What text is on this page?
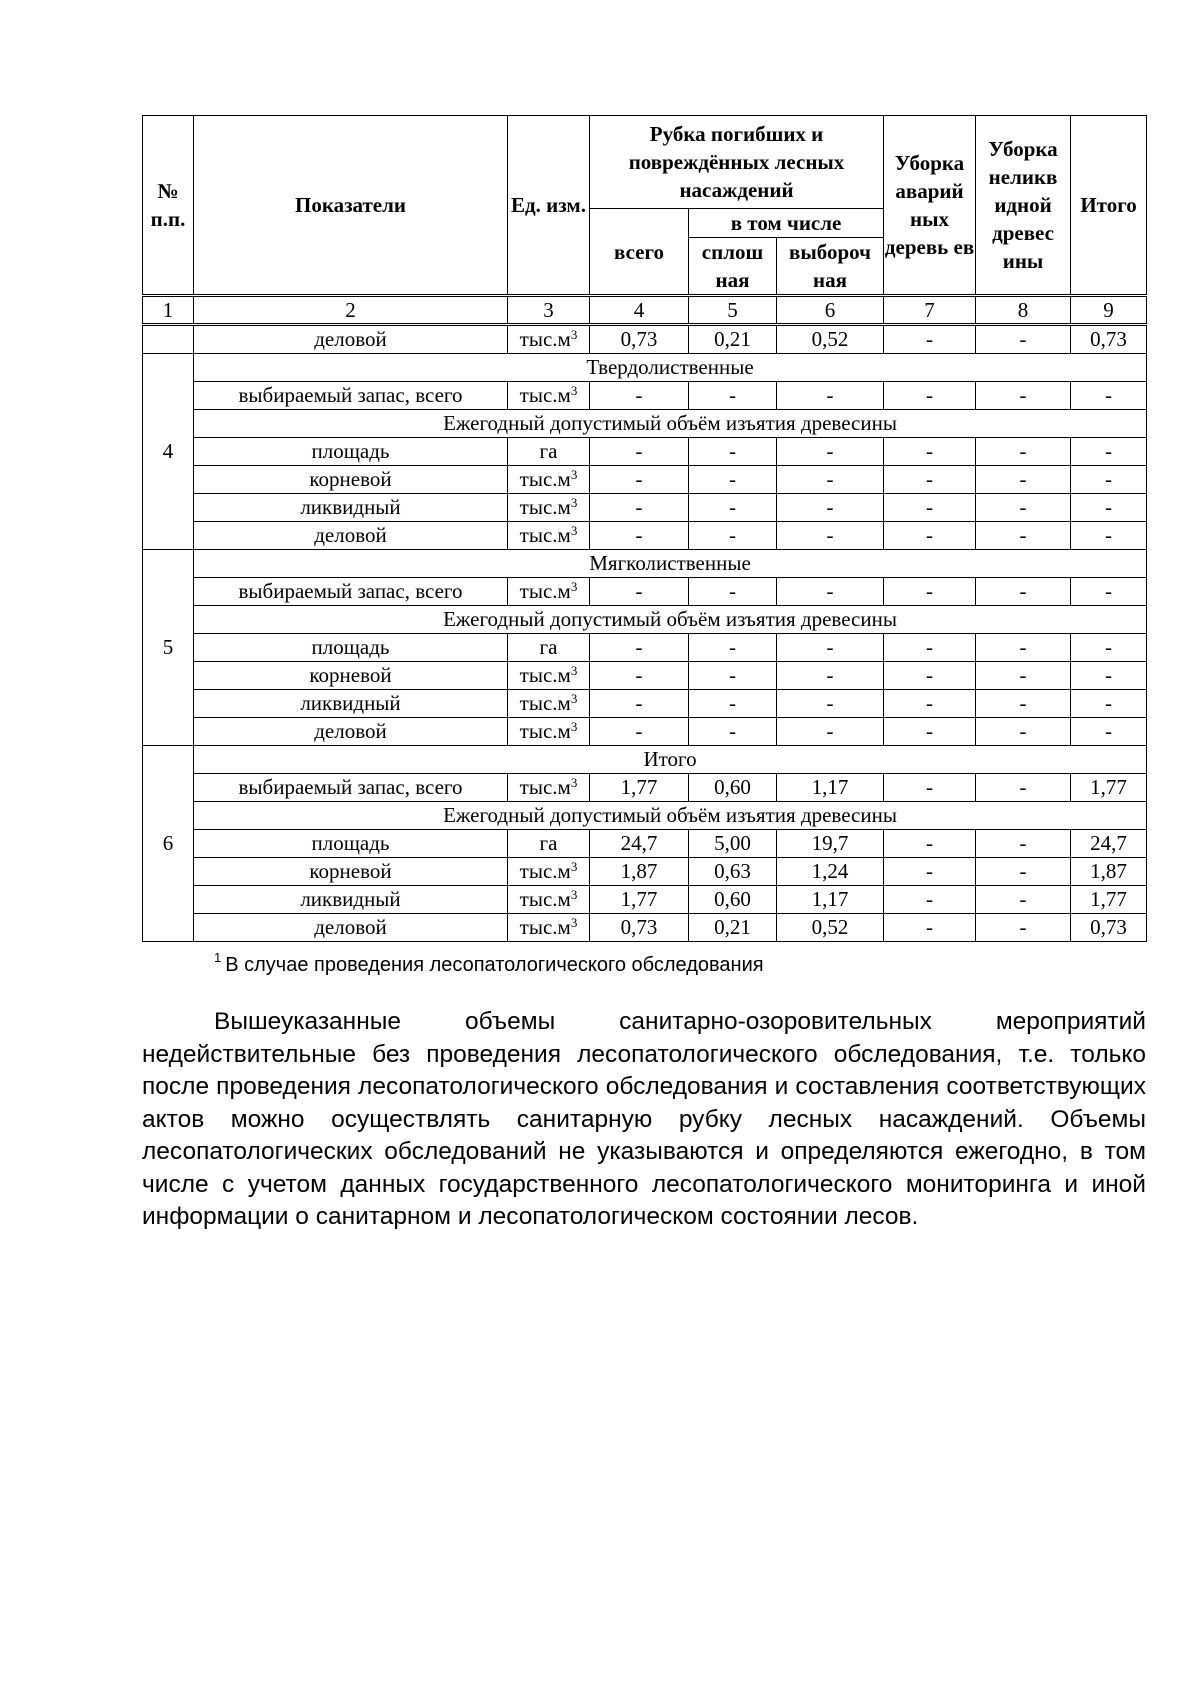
№ п.п.	Показатели	Ед. изм.	Рубка погибших и повреждённых лесных насаждений			Уборка аварий ных деревь ев	Уборка неликв идной древес ины	Итого
			всего	в том числе				
				сплош ная	выбороч ная			
1	2	3	4	5	6	7	8	9
	деловой	$тыс.м^3$	0,73	0,21	0,52	-	-	0,73
4	Твердолиственные							
	выбираемый запас, всего	$тыс.м^3$	-	-	-	-	-	-
	Ежегодный допустимый объём изъятия древесины							
	площадь	га	-	-	-	-	-	-
	корневой	$тыс.м^3$	-	-	-	-	-	-
	ликвидный	$тыс.м^3$	-	-	-	-	-	-
	деловой	$тыс.м^3$	-	-	-	-	-	-
5	Мягколиственные							
	выбираемый запас, всего	$тыс.м^3$	-	-	-	-	-	-
	Ежегодный допустимый объём изъятия древесины							
	площадь	га	-	-	-	-	-	-
	корневой	$тыс.м^3$	-	-	-	-	-	-
	ликвидный	$тыс.м^3$	-	-	-	-	-	-
	деловой	$тыс.м^3$	-	-	-	-	-	-
6	Итого							
	выбираемый запас, всего	$тыс.м^3$	1,77	0,60	1,17	-	-	1,77
	Ежегодный допустимый объём изъятия древесины							
	площадь	га	24,7	5,00	19,7	-	-	24,7
	корневой	$тыс.м^3$	1,87	0,63	1,24	-	-	1,87
	ликвидный	$тыс.м^3$	1,77	0,60	1,17	-	-	1,77
	деловой	$тыс.м^3$	0,73	0,21	0,52	-	-	0,73
$^1$ В случае проведения лесопатологического обследования

Вышеуказанные объемы санитарно-озоровительных мероприятий недействительные без проведения лесопатологического обследования, т.е. только после проведения лесопатологического обследования и составления соответствующих актов можно осуществлять санитарную рубку лесных насаждений. Объемы лесопатологических обследований не указываются и определяются ежегодно, в том числе с учетом данных государственного лесопатологического мониторинга и иной информации о санитарном и лесопатологическом состоянии лесов.
